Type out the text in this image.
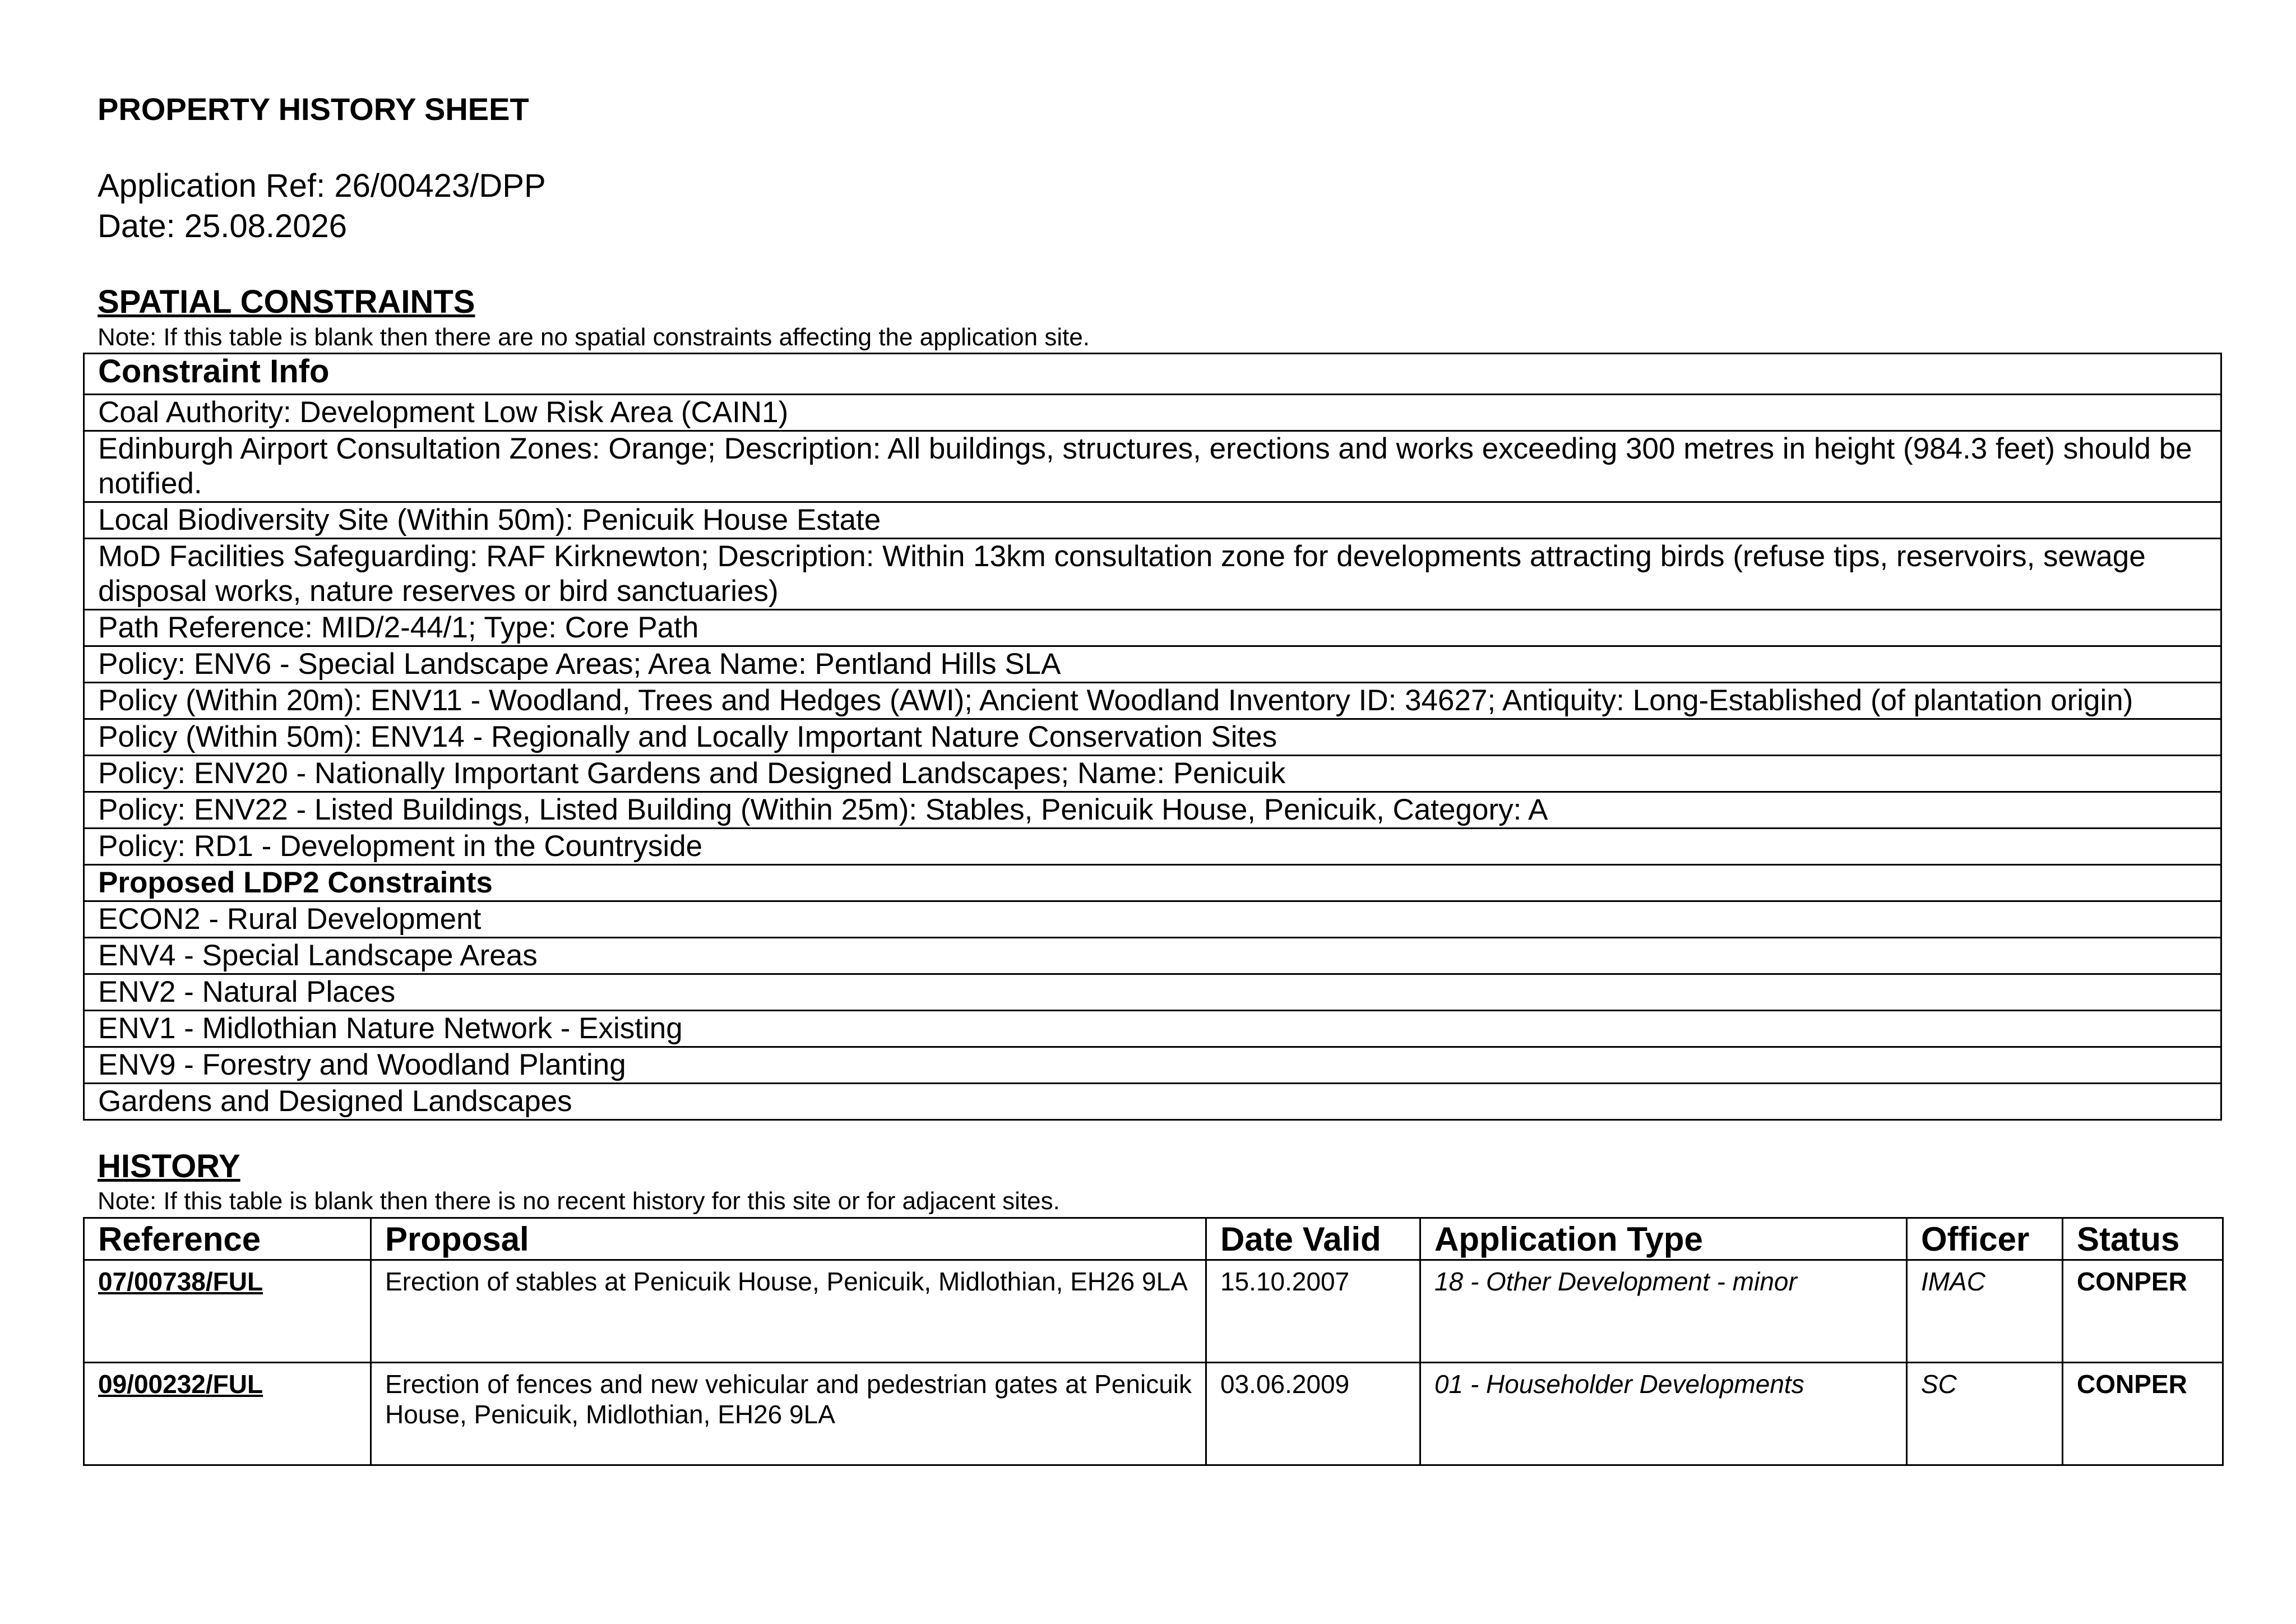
PROPERTY HISTORY SHEET

Application Ref: 26/00423/DPP

Date: 25.08.2026

SPATIAL CONSTRAINTS

Note: If this table is blank then there are no spatial constraints affecting the application site.

Constraint Info
Coal Authority: Development Low Risk Area (CAIN1)
Edinburgh Airport Consultation Zones: Orange; Description: All buildings, structures, erections and works exceeding 300 metres in height (984.3 feet) should be notified.
Local Biodiversity Site (Within 50m): Penicuik House Estate
MoD Facilities Safeguarding: RAF Kirknewton; Description: Within 13km consultation zone for developments attracting birds (refuse tips, reservoirs, sewage disposal works, nature reserves or bird sanctuaries)
Path Reference: MID/2-44/1; Type: Core Path
Policy: ENV6 - Special Landscape Areas; Area Name: Pentland Hills SLA
Policy (Within 20m): ENV11 - Woodland, Trees and Hedges (AWI); Ancient Woodland Inventory ID: 34627; Antiquity: Long-Established (of plantation origin)
Policy (Within 50m): ENV14 - Regionally and Locally Important Nature Conservation Sites
Policy: ENV20 - Nationally Important Gardens and Designed Landscapes; Name: Penicuik
Policy: ENV22 - Listed Buildings, Listed Building (Within 25m): Stables, Penicuik House, Penicuik, Category: A
Policy: RD1 - Development in the Countryside
Proposed LDP2 Constraints
ECON2 - Rural Development
ENV4 - Special Landscape Areas
ENV2 - Natural Places
ENV1 - Midlothian Nature Network - Existing
ENV9 - Forestry and Woodland Planting
Gardens and Designed Landscapes
HISTORY

Note: If this table is blank then there is no recent history for this site or for adjacent sites.

Reference	Proposal	Date Valid	Application Type	Officer	Status
07/00738/FUL	Erection of stables at Penicuik House, Penicuik, Midlothian, EH26 9LA	15.10.2007	18 - Other Development - minor	IMAC	CONPER
09/00232/FUL	Erection of fences and new vehicular and pedestrian gates at Penicuik House, Penicuik, Midlothian, EH26 9LA	03.06.2009	01 - Householder Developments	SC	CONPER
